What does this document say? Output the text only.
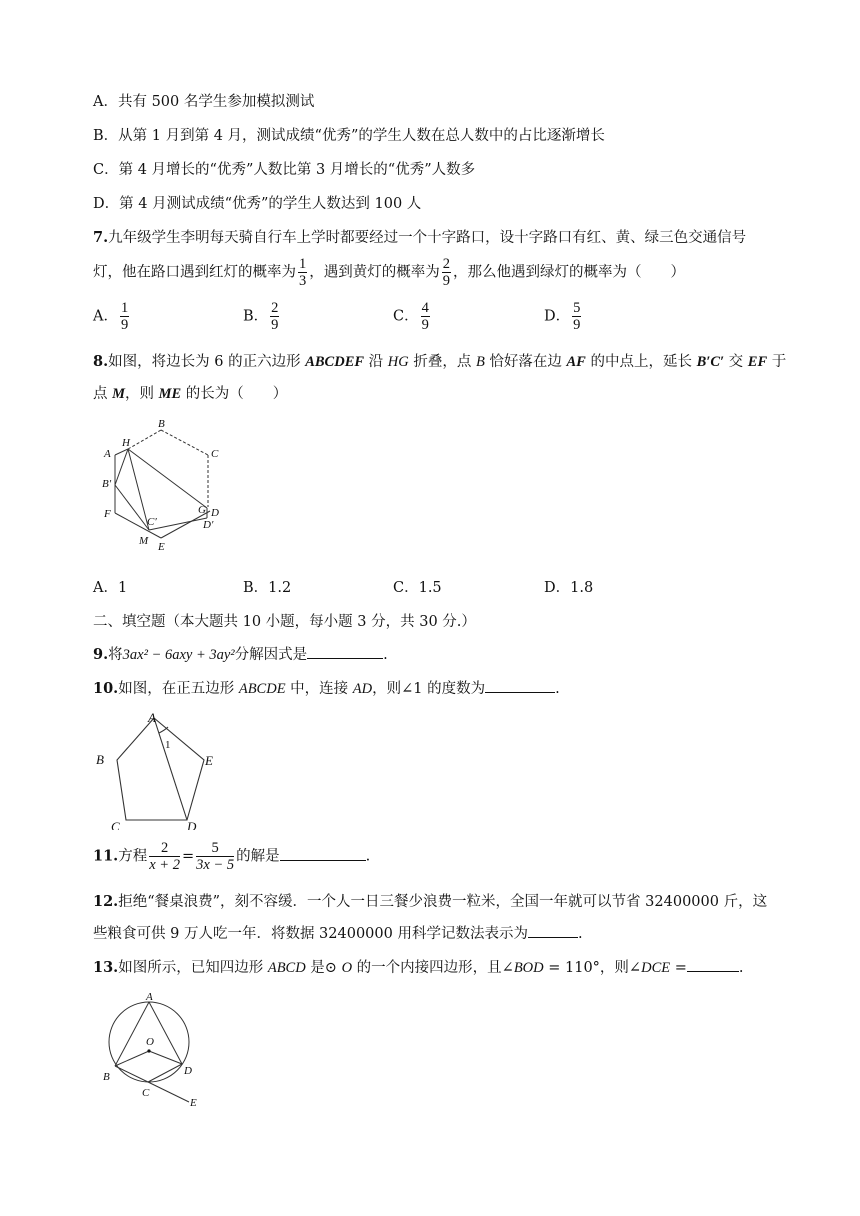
A．共有 500 名学生参加模拟测试
B．从第 1 月到第 4 月，测试成绩“优秀”的学生人数在总人数中的占比逐渐增长
C．第 4 月增长的“优秀”人数比第 3 月增长的“优秀”人数多
D．第 4 月测试成绩“优秀”的学生人数达到 100 人
7.九年级学生李明每天骑自行车上学时都要经过一个十字路口，设十字路口有红、黄、绿三色交通信号
灯，他在路口遇到红灯的概率为 $\frac{1}{3}$ ，遇到黄灯的概率为 $\frac{2}{9}$ ，那么他遇到绿灯的概率为（　　）
A． $\frac{1}{9}$	B． $\frac{2}{9}$	C． $\frac{4}{9}$	D． $\frac{5}{9}$
8.如图，将边长为 6 的正六边形 ABCDEF 沿 HG 折叠，点 B 恰好落在边 AF 的中点上，延长 B′C′ 交 EF 于
点 M，则 ME 的长为（　　）
A
H
B
C
B′
F
C′
G D
D′
M E
A．1	B．1.2	C．1.5	D．1.8
二、填空题（本大题共 10 小题，每小题 3 分，共 30 分.）
9.将3ax² − 6axy + 3ay²分解因式是	.
10.如图，在正五边形 ABCDE 中，连接 AD，则∠1 的度数为	.
A
B
C	D
E
1
11.方程 $\frac{2}{x + 2} = \frac{5}{3x - 5}$ 的解是	.
12.拒绝“餐桌浪费”，刻不容缓．一个人一日三餐少浪费一粒米，全国一年就可以节省 32400000 斤，这
些粮食可供 9 万人吃一年．将数据 32400000 用科学记数法表示为	.
13.如图所示，已知四边形 ABCD 是⊙ O 的一个内接四边形，且∠BOD = 110°，则∠DCE =	.
A
O
B	D
C
E
